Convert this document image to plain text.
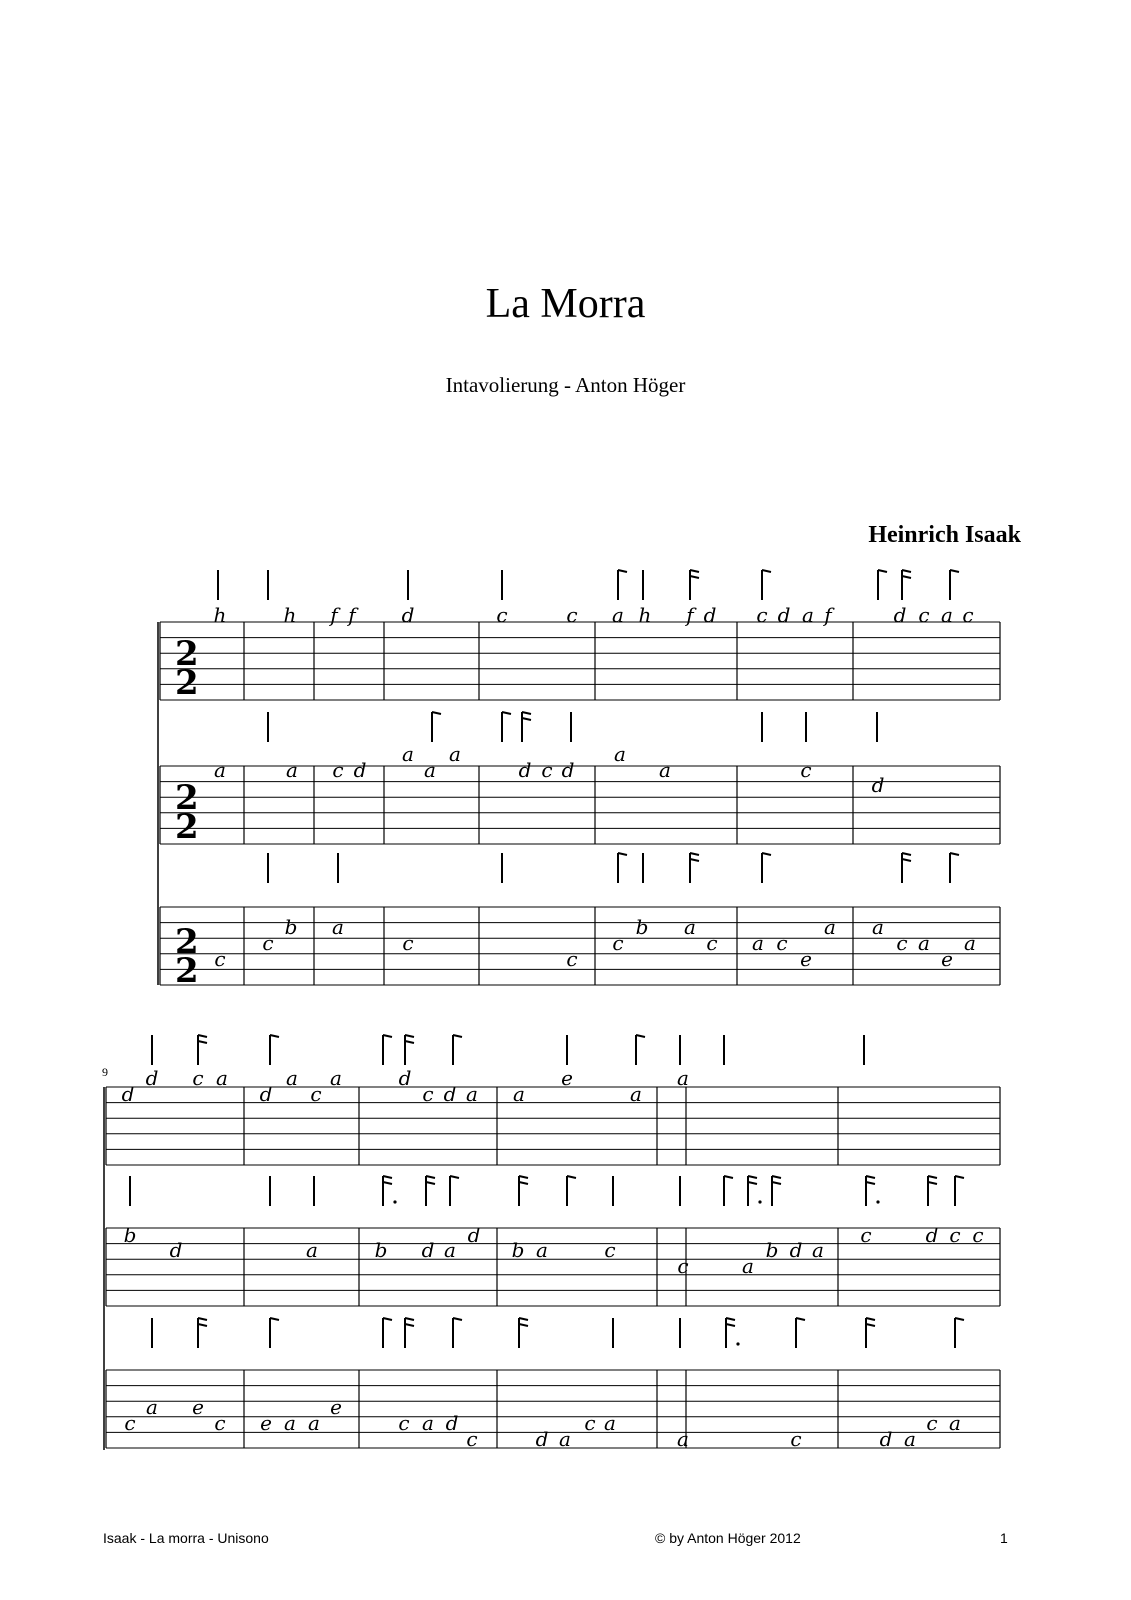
La Morra
Intavolierung - Anton Höger
Heinrich Isaak
h	h f f d	c	c a h f d c d a f	d c a c
a	a c d
a a
a	d c d
a
a	c
d
c
c
b a
c
c
c
b a
c a c
a
e
a
c a
e
a
d
d c a
d
a
c
a	d
c d a a
e
a
a
b
d	a	b d a
d
b a	c
c	a
b d a
c	d c c
c
a e
c e a a
e
c a d
c	d a
c a
a	c	d a
c a
2
2
2
2
2
2
9
Isaak - La morra - Unisono	© by Anton Höger 2012	1
